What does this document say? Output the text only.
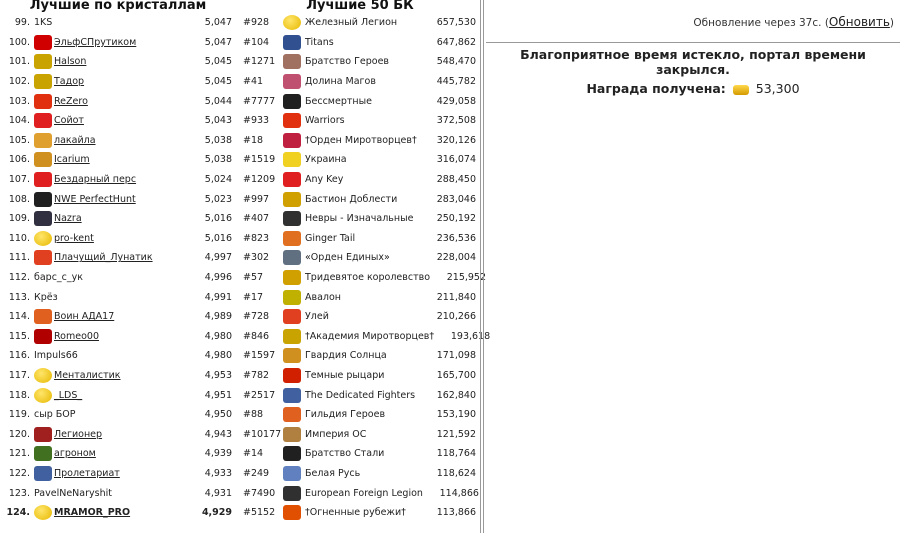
Лучшие по кристаллам
99. 1KS	5,047
100.	ЭльфСПрутиком	5,047
101.	Halson	5,045
102.	Тадор	5,045
103.	ReZero	5,044
104.	Сойот	5,043
105.	лакайла	5,038
106.	Icarium	5,038
107.	Бездарный перс	5,024
108.	NWE PerfectHunt	5,023
109.	Nazra	5,016
110.	pro-kent	5,016
111.	Плачущий_Лунатик	4,997
112. барс_с_ук	4,996
113. Крёз	4,991
114.	Воин АДА17	4,989
115.	Romeo00	4,980
116. Impuls66	4,980
117.	Менталистик	4,953
118.	_LDS_	4,951
119. сыр БОР	4,950
120.	Легионер	4,943
121.	агроном	4,939
122.	Пролетариат	4,933
123. PavelNeNaryshit	4,931
124.	MRAMOR_PRO	4,929
Лучшие 50 БК
#928	Железный Легион	657,530
#104	Titans	647,862
#1271	Братство Героев	548,470
#41	Долина Магов	445,782
#7777	Бессмертные	429,058
#933	Warriors	372,508
#18	†Орден Миротворцев†	320,126
#1519	Украина	316,074
#1209	Any Key	288,450
#997	Бастион Доблести	283,046
#407	Невры - Изначальные	250,192
#823	Ginger Tail	236,536
#302	«Орден Единых»	228,004
#57	Тридевятое королевство	215,952
#17	Авалон	211,840
#728	Улей	210,266
#846	†Академия Миротворцев†	193,618
#1597	Гвардия Солнца	171,098
#782	Темные рыцари	165,700
#2517	The Dedicated Fighters	162,840
#88	Гильдия Героев	153,190
#10177	Империя ОС	121,592
#14	Братство Стали	118,764
#249	Белая Русь	118,624
#7490	European Foreign Legion	114,866
#5152	†Огненные рубежи†	113,866
Обновление через 37с. (Обновить)
Благоприятное время истекло, портал времени закрылся.
Награда получена: 53,300
